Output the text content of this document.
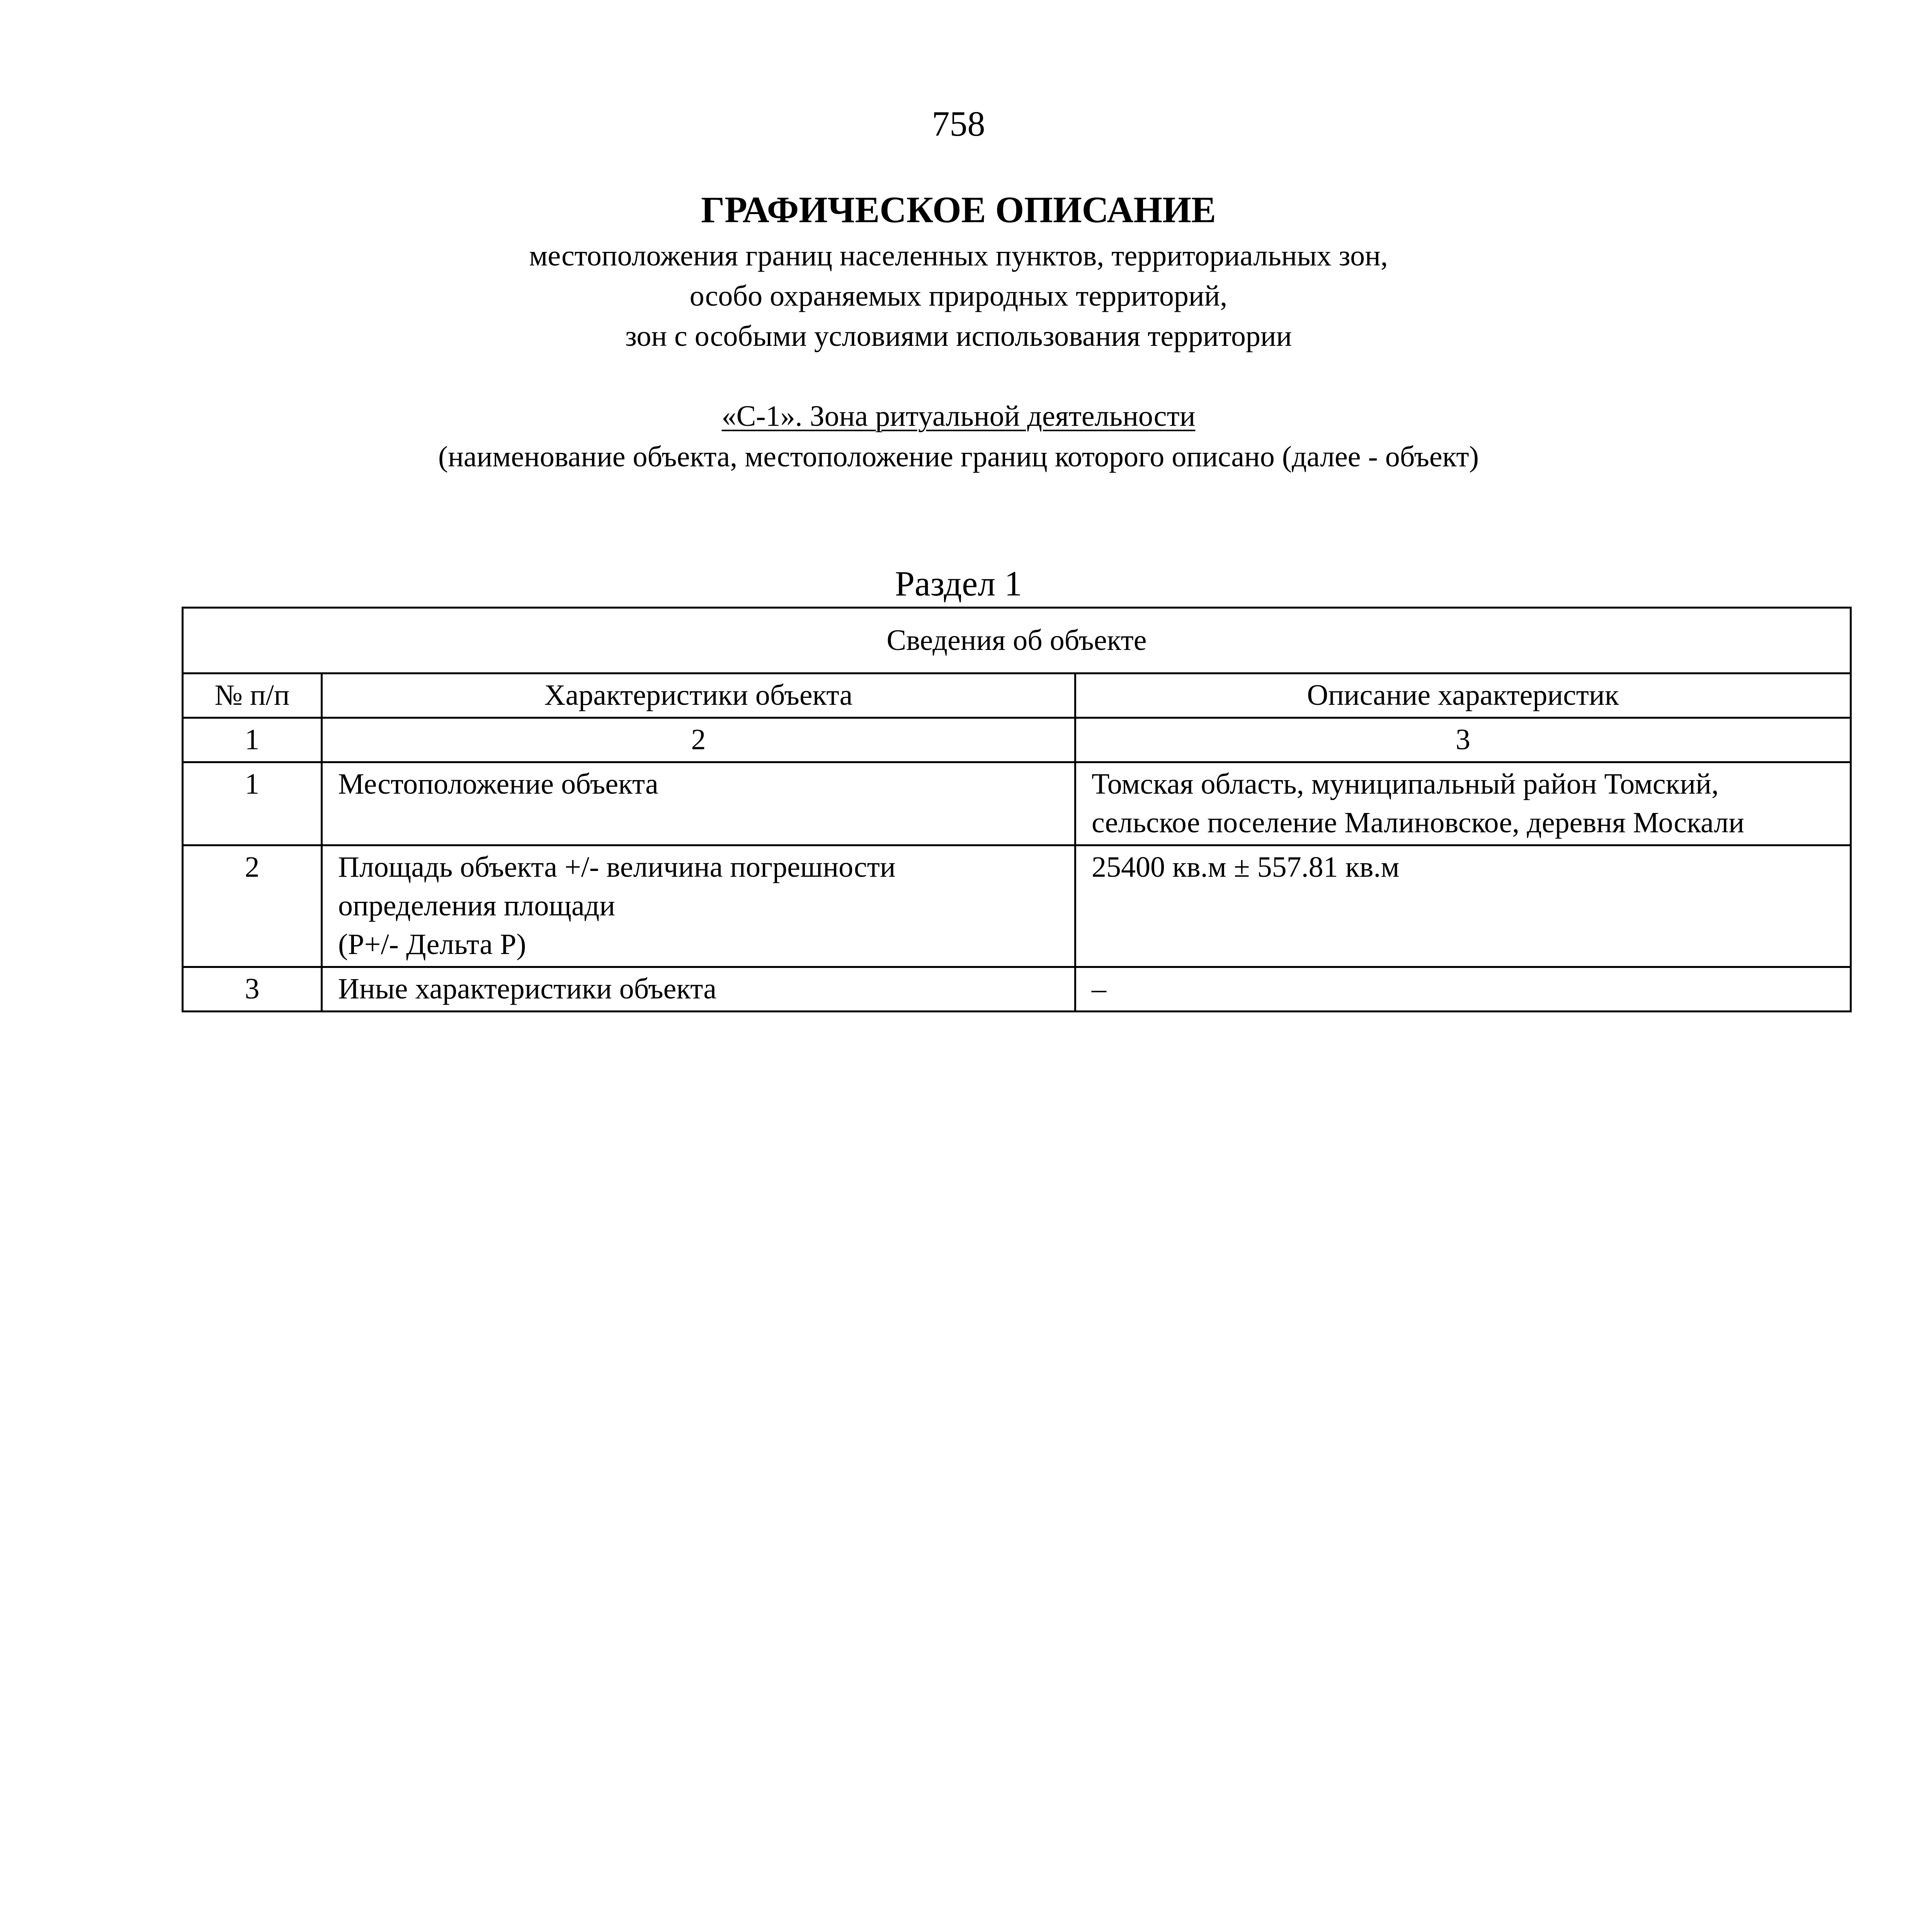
758
ГРАФИЧЕСКОЕ ОПИСАНИЕ
местоположения границ населенных пунктов, территориальных зон,
особо охраняемых природных территорий,
зон с особыми условиями использования территории
«С-1». Зона ритуальной деятельности
(наименование объекта, местоположение границ которого описано (далее - объект)
Раздел 1
Сведения об объекте		
№ п/п	Характеристики объекта	Описание характеристик
1	2	3
1	Местоположение объекта	Томская область, муниципальный район Томский,
сельское поселение Малиновское, деревня Москали

2	Площадь объекта +/- величина погрешности
определения площади
(P+/- Дельта P)	25400 кв.м ± 557.81 кв.м

3	Иные характеристики объекта	–
